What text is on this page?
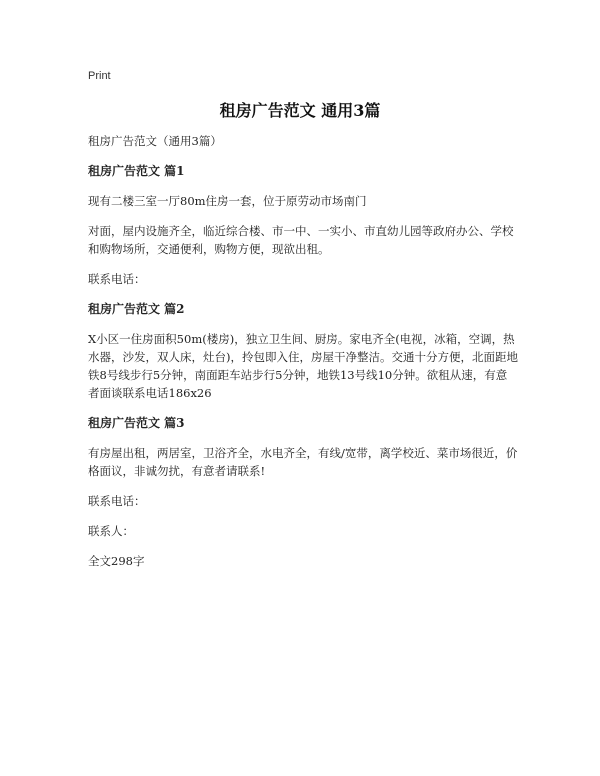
Print
租房广告范文 通用3篇

租房广告范文（通用3篇）

租房广告范文 篇1

现有二楼三室一厅80m住房一套，位于原劳动市场南门

对面，屋内设施齐全，临近综合楼、市一中、一实小、市直幼儿园等政府办公、学校和购物场所，交通便利，购物方便，现欲出租。

联系电话：

租房广告范文 篇2

X小区一住房面积50m(楼房)，独立卫生间、厨房。家电齐全(电视，冰箱，空调，热水器，沙发，双人床，灶台)，拎包即入住，房屋干净整洁。交通十分方便，北面距地铁8号线步行5分钟，南面距车站步行5分钟，地铁13号线10分钟。欲租从速，有意者面谈联系电话186x26

租房广告范文 篇3

有房屋出租，两居室，卫浴齐全，水电齐全，有线/宽带，离学校近、菜市场很近，价格面议，非诚勿扰，有意者请联系!

联系电话：

联系人：

全文298字
